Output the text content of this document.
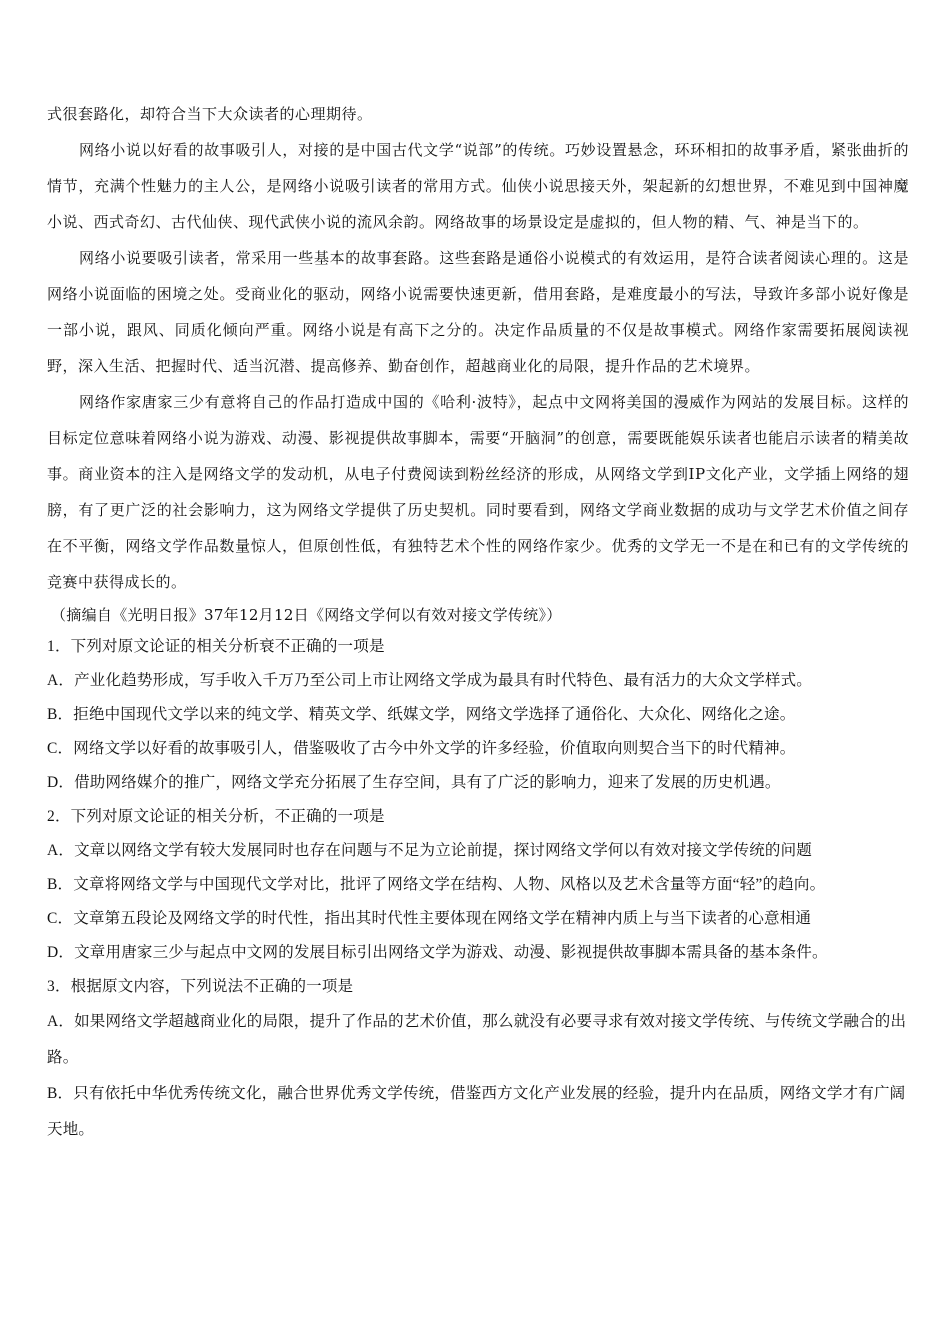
式很套路化，却符合当下大众读者的心理期待。

网络小说以好看的故事吸引人，对接的是中国古代文学“说部”的传统。巧妙设置悬念，环环相扣的故事矛盾，紧张曲折的情节，充满个性魅力的主人公，是网络小说吸引读者的常用方式。仙侠小说思接天外，架起新的幻想世界，不难见到中国神魔小说、西式奇幻、古代仙侠、现代武侠小说的流风余韵。网络故事的场景设定是虚拟的，但人物的精、气、神是当下的。

网络小说要吸引读者，常采用一些基本的故事套路。这些套路是通俗小说模式的有效运用，是符合读者阅读心理的。这是网络小说面临的困境之处。受商业化的驱动，网络小说需要快速更新，借用套路，是难度最小的写法，导致许多部小说好像是一部小说，跟风、同质化倾向严重。网络小说是有高下之分的。决定作品质量的不仅是故事模式。网络作家需要拓展阅读视野，深入生活、把握时代、适当沉潜、提高修养、勤奋创作，超越商业化的局限，提升作品的艺术境界。

网络作家唐家三少有意将自己的作品打造成中国的《哈利·波特》，起点中文网将美国的漫威作为网站的发展目标。这样的目标定位意味着网络小说为游戏、动漫、影视提供故事脚本，需要“开脑洞”的创意，需要既能娱乐读者也能启示读者的精美故事。商业资本的注入是网络文学的发动机，从电子付费阅读到粉丝经济的形成，从网络文学到IP文化产业，文学插上网络的翅膀，有了更广泛的社会影响力，这为网络文学提供了历史契机。同时要看到，网络文学商业数据的成功与文学艺术价值之间存在不平衡，网络文学作品数量惊人，但原创性低，有独特艺术个性的网络作家少。优秀的文学无一不是在和已有的文学传统的竞赛中获得成长的。

（摘编自《光明日报》37年12月12日《网络文学何以有效对接文学传统》）

1．下列对原文论证的相关分析衰不正确的一项是

A．产业化趋势形成，写手收入千万乃至公司上市让网络文学成为最具有时代特色、最有活力的大众文学样式。

B．拒绝中国现代文学以来的纯文学、精英文学、纸媒文学，网络文学选择了通俗化、大众化、网络化之途。

C．网络文学以好看的故事吸引人，借鉴吸收了古今中外文学的许多经验，价值取向则契合当下的时代精神。

D．借助网络媒介的推广，网络文学充分拓展了生存空间，具有了广泛的影响力，迎来了发展的历史机遇。

2．下列对原文论证的相关分析，不正确的一项是

A．文章以网络文学有较大发展同时也存在问题与不足为立论前提，探讨网络文学何以有效对接文学传统的问题

B．文章将网络文学与中国现代文学对比，批评了网络文学在结构、人物、风格以及艺术含量等方面“轻”的趋向。

C．文章第五段论及网络文学的时代性，指出其时代性主要体现在网络文学在精神内质上与当下读者的心意相通

D．文章用唐家三少与起点中文网的发展目标引出网络文学为游戏、动漫、影视提供故事脚本需具备的基本条件。

3．根据原文内容，下列说法不正确的一项是

A．如果网络文学超越商业化的局限，提升了作品的艺术价值，那么就没有必要寻求有效对接文学传统、与传统文学融合的出路。

B．只有依托中华优秀传统文化，融合世界优秀文学传统，借鉴西方文化产业发展的经验，提升内在品质，网络文学才有广阔天地。
